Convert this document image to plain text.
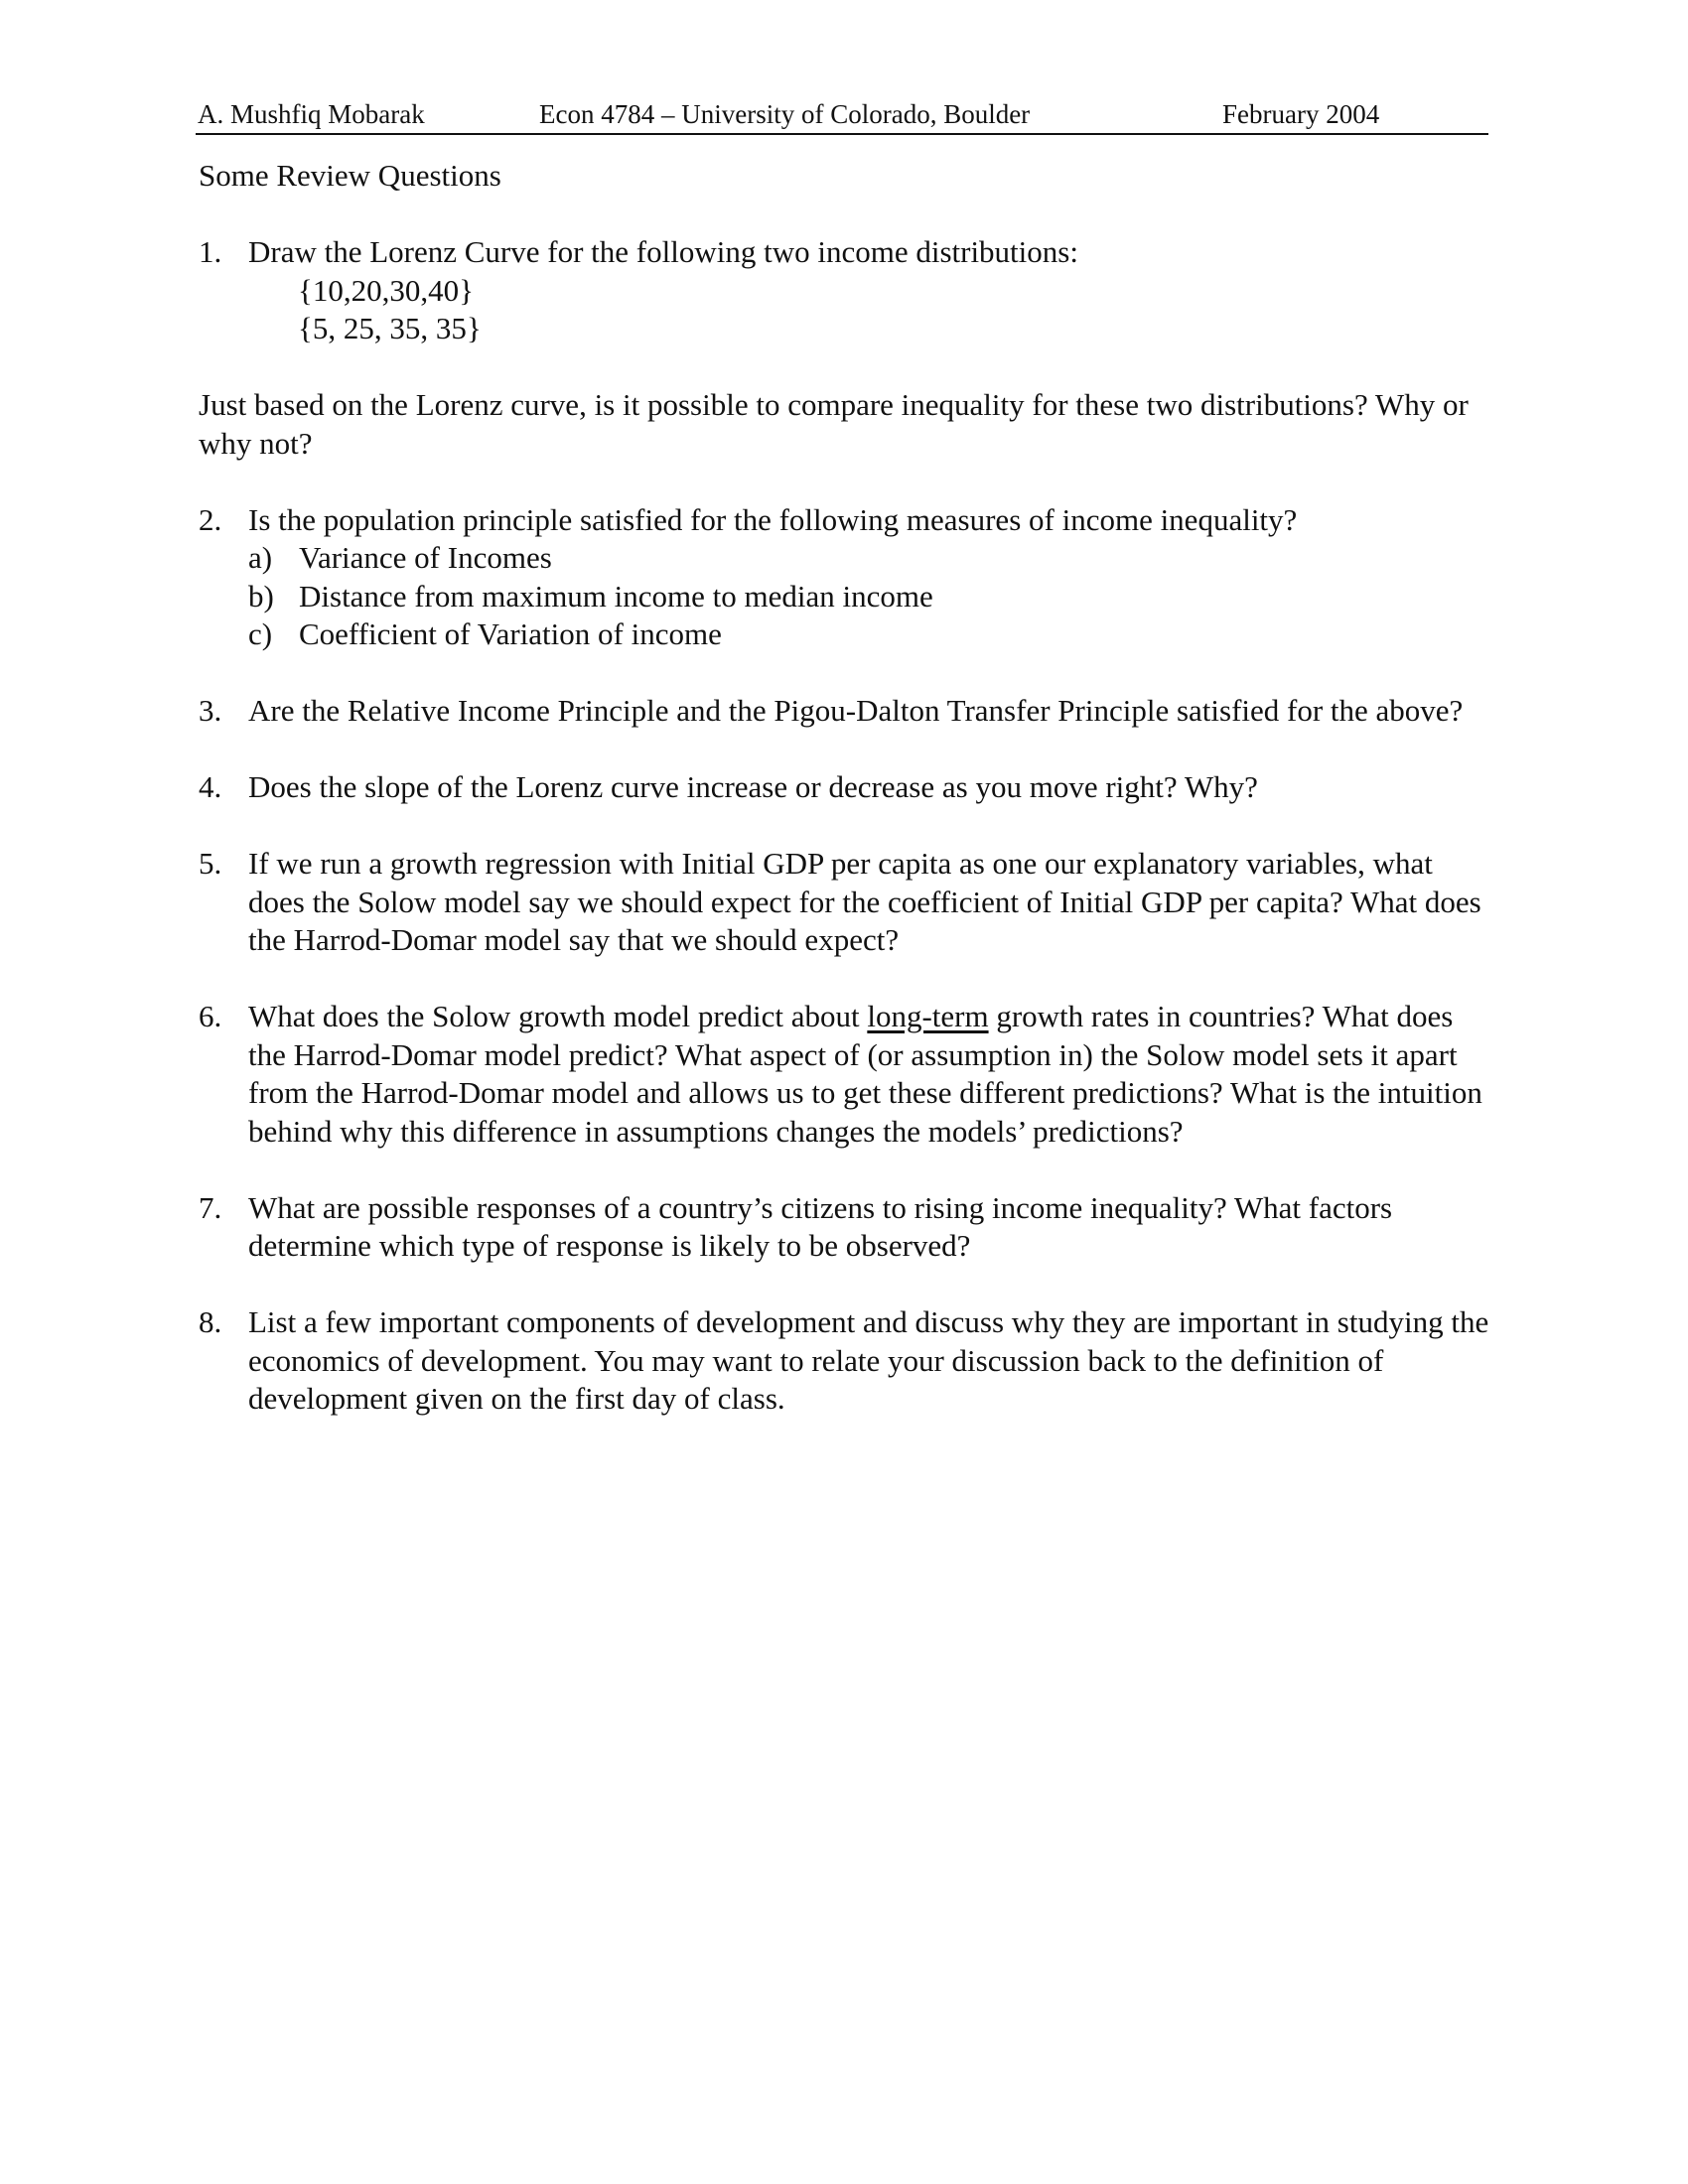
A. Mushfiq Mobarak	Econ 4784 – University of Colorado, Boulder	February 2004

Some Review Questions

1. Draw the Lorenz Curve for the following two income distributions:

{10,20,30,40}

{5, 25, 35, 35}

Just based on the Lorenz curve, is it possible to compare inequality for these two distributions? Why or why not?

2. Is the population principle satisfied for the following measures of income inequality?

a) Variance of Incomes
b) Distance from maximum income to median income
c) Coefficient of Variation of income
3. Are the Relative Income Principle and the Pigou-Dalton Transfer Principle satisfied for the above?

4. Does the slope of the Lorenz curve increase or decrease as you move right? Why?

5. If we run a growth regression with Initial GDP per capita as one our explanatory variables, what does the Solow model say we should expect for the coefficient of Initial GDP per capita? What does the Harrod-Domar model say that we should expect?

6. What does the Solow growth model predict about long-term growth rates in countries? What does the Harrod-Domar model predict? What aspect of (or assumption in) the Solow model sets it apart from the Harrod-Domar model and allows us to get these different predictions? What is the intuition behind why this difference in assumptions changes the models’ predictions?

7. What are possible responses of a country’s citizens to rising income inequality? What factors determine which type of response is likely to be observed?

8. List a few important components of development and discuss why they are important in studying the economics of development. You may want to relate your discussion back to the definition of development given on the first day of class.
